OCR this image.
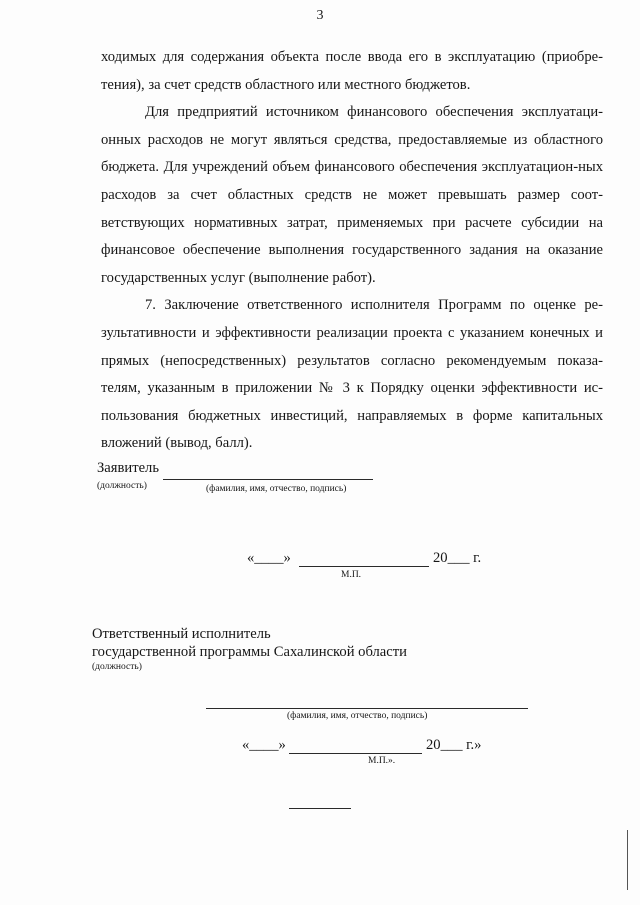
3

ходимых для содержания объекта после ввода его в эксплуатацию (приобре-тения), за счет средств областного или местного бюджетов.

Для предприятий источником финансового обеспечения эксплуатаци-онных расходов не могут являться средства, предоставляемые из областного бюджета. Для учреждений объем финансового обеспечения эксплуатацион-ных расходов за счет областных средств не может превышать размер соот-ветствующих нормативных затрат, применяемых при расчете субсидии на финансовое обеспечение выполнения государственного задания на оказание государственных услуг (выполнение работ).

7. Заключение ответственного исполнителя Программ по оценке ре-зультативности и эффективности реализации проекта с указанием конечных и прямых (непосредственных) результатов согласно рекомендуемым показа-телям, указанным в приложении № 3 к Порядку оценки эффективности ис-пользования бюджетных инвестиций, направляемых в форме капитальных вложений (вывод, балл).

Заявитель
(должность)	(фамилия, имя, отчество, подпись)
«____»	20___ г.
М.П.
Ответственный исполнитель
государственной программы Сахалинской области
(должность)
(фамилия, имя, отчество, подпись)
«____»	20___ г.»
М.П.».
